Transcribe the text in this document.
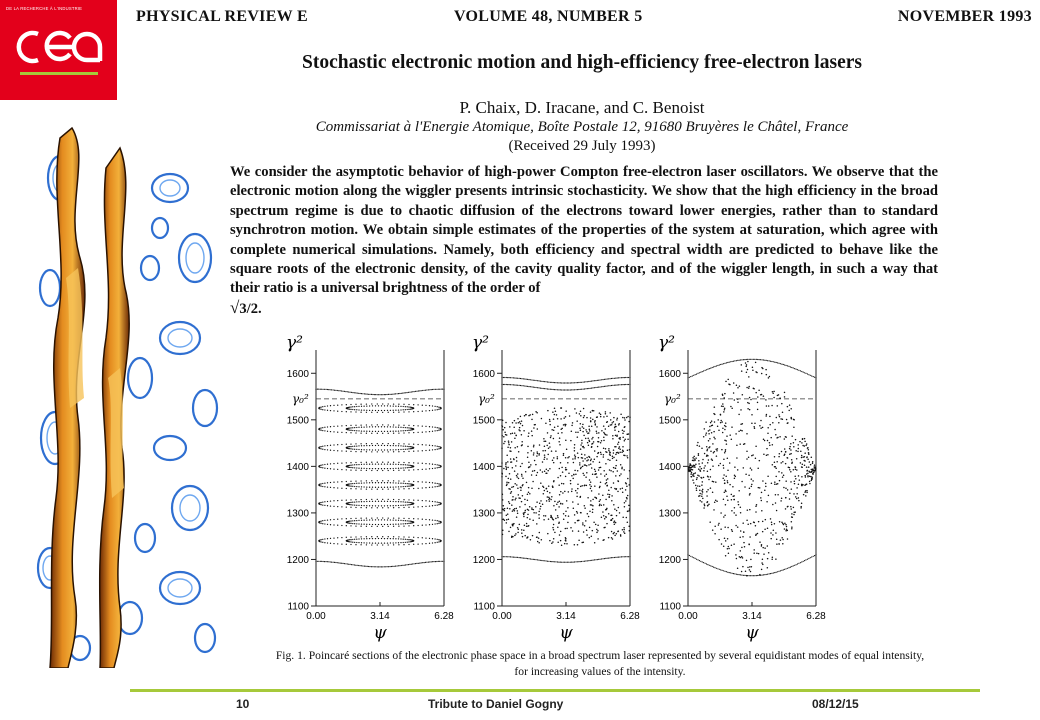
DE LA RECHERCHE À L'INDUSTRIE	PHYSICAL REVIEW E	VOLUME 48, NUMBER 5	NOVEMBER 1993
Stochastic electronic motion and high-efficiency free-electron lasers
P. Chaix, D. Iracane, and C. Benoist
Commissariat à l'Energie Atomique, Boîte Postale 12, 91680 Bruyères le Châtel, France
(Received 29 July 1993)
We consider the asymptotic behavior of high-power Compton free-electron laser oscillators. We observe that the electronic motion along the wiggler presents intrinsic stochasticity. We show that the high efficiency in the broad spectrum regime is due to chaotic diffusion of the electrons toward lower energies, rather than to standard synchrotron motion. We obtain simple estimates of the properties of the system at saturation, which agree with complete numerical simulations. Namely, both efficiency and spectral width are predicted to behave like the square roots of the electronic density, of the cavity quality factor, and of the wiggler length, in such a way that their ratio is a universal brightness of the order of
√3/2.
γ²
1100
1200
1300
1400
1500
1600
γ₀²
0.00	3.14	6.28
ψ
γ²
1100
1200
1300
1400
1500
1600
γ₀²
0.00	3.14	6.28
ψ
γ²
1100
1200
1300
1400
1500
1600
γ₀²
0.00	3.14	6.28
ψ
Fig. 1. Poincaré sections of the electronic phase space in a broad spectrum laser represented by several equidistant modes of equal intensity, for increasing values of the intensity.
10	Tribute to Daniel Gogny	08/12/15
